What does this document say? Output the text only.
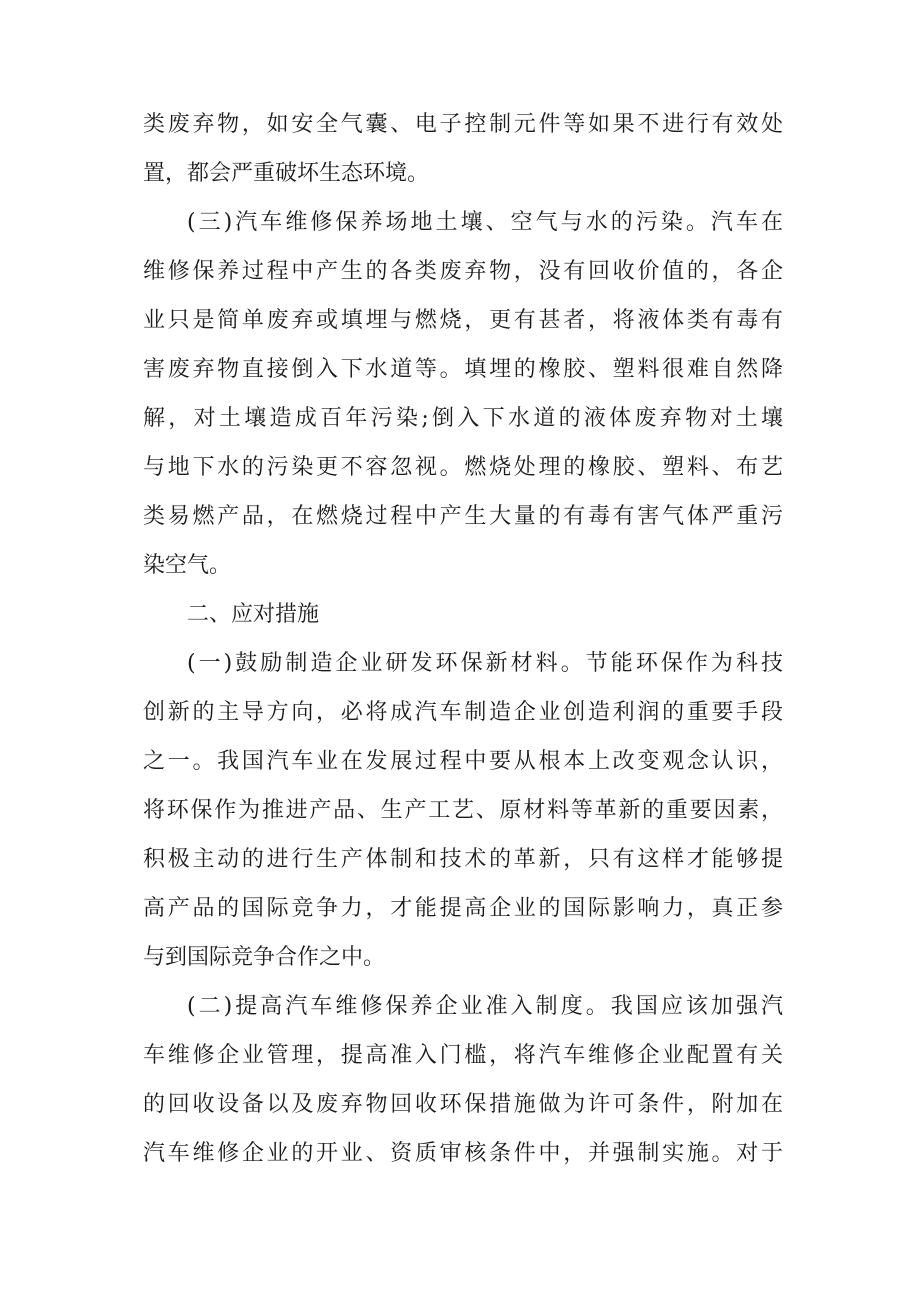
类废弃物，如安全气囊、电子控制元件等如果不进行有效处
置，都会严重破坏生态环境。
(三)汽车维修保养场地土壤、空气与水的污染。汽车在
维修保养过程中产生的各类废弃物，没有回收价值的，各企
业只是简单废弃或填埋与燃烧，更有甚者，将液体类有毒有
害废弃物直接倒入下水道等。填埋的橡胶、塑料很难自然降
解，对土壤造成百年污染;倒入下水道的液体废弃物对土壤
与地下水的污染更不容忽视。燃烧处理的橡胶、塑料、布艺
类易燃产品，在燃烧过程中产生大量的有毒有害气体严重污
染空气。
二、应对措施
(一)鼓励制造企业研发环保新材料。节能环保作为科技
创新的主导方向，必将成汽车制造企业创造利润的重要手段
之一。我国汽车业在发展过程中要从根本上改变观念认识，
将环保作为推进产品、生产工艺、原材料等革新的重要因素，
积极主动的进行生产体制和技术的革新，只有这样才能够提
高产品的国际竞争力，才能提高企业的国际影响力，真正参
与到国际竞争合作之中。
(二)提高汽车维修保养企业准入制度。我国应该加强汽
车维修企业管理，提高准入门槛，将汽车维修企业配置有关
的回收设备以及废弃物回收环保措施做为许可条件，附加在
汽车维修企业的开业、资质审核条件中，并强制实施。对于
